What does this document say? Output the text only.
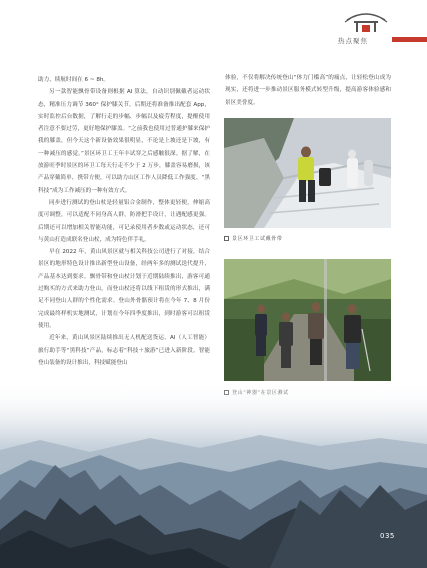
热点聚焦

助力，续航时间在 6 ~ 8h。

另一款智能飘骨带设备则根据 AI 算法，自动识别佩戴者运动状态，精准压力调节 360° 保护膝关节，后期还将准备推出配套 App，实时监控后台数据，了解行走的步幅、步幅以及疲劳程度，提醒使用者注意不要过劳，更好地保护膝盖。“之前我也使用过普通护膝来保护我的膝盖，但今天这个新设备效果很明显，不论是上坡还是下坡，有一种减压的感觉。”景区环卫工王年丰试穿之后感触很深。据了解，在放游旺季时景区的环卫工每天行走不少于 2 万步，膝盖容易磨损，该产品穿戴简单，携带方便，可以助力山区工作人员降低工作强度。“黑科技”成为工作减压的一种有效方式。

同步进行测试的登山杖是轻量铝合金制作，整体更轻便，伸缩高度可调整，可以适配不同身高人群，防滑把手设计，让遇配感更强。后期还可以增加相关智能功能，可记录使用者步数或运动状态，还可与黄山打造成联名登山杖，成为特色伴手礼。

早在 2022 年，黄山风景区就与相关科技公司进行了对接，结合景区的地形特色设计推出新型登山设备，经两年多的测试迭代提升，产品基本达到要求。飘骨带和登山杖计划于近期陆续推出，游客可通过购买的方式来助力登山，而登山杖还将以线下租赁的形式推出，满足不同登山人群的个性化需求。登山外骨骼预计将在今年 7、8 月份完成最终样机实地测试，计划在今年四季度推出，到时游客可以租赁使用。

近年来，黄山风景区陆续推出无人机配送货运、AI（人工智能）旅行助手等“黑科技”产品，标志着“科技＋旅游”已进入新阶段。智能登山装备的设计推出，科技赋能登山

体验，不仅将解决传统登山“体力门槛高”的痛点，让轻松登山成为现实，还将进一步推动景区服务模式转型升级，提高游客体验感和景区美誉度。

景区环卫工试戴骨带
035
